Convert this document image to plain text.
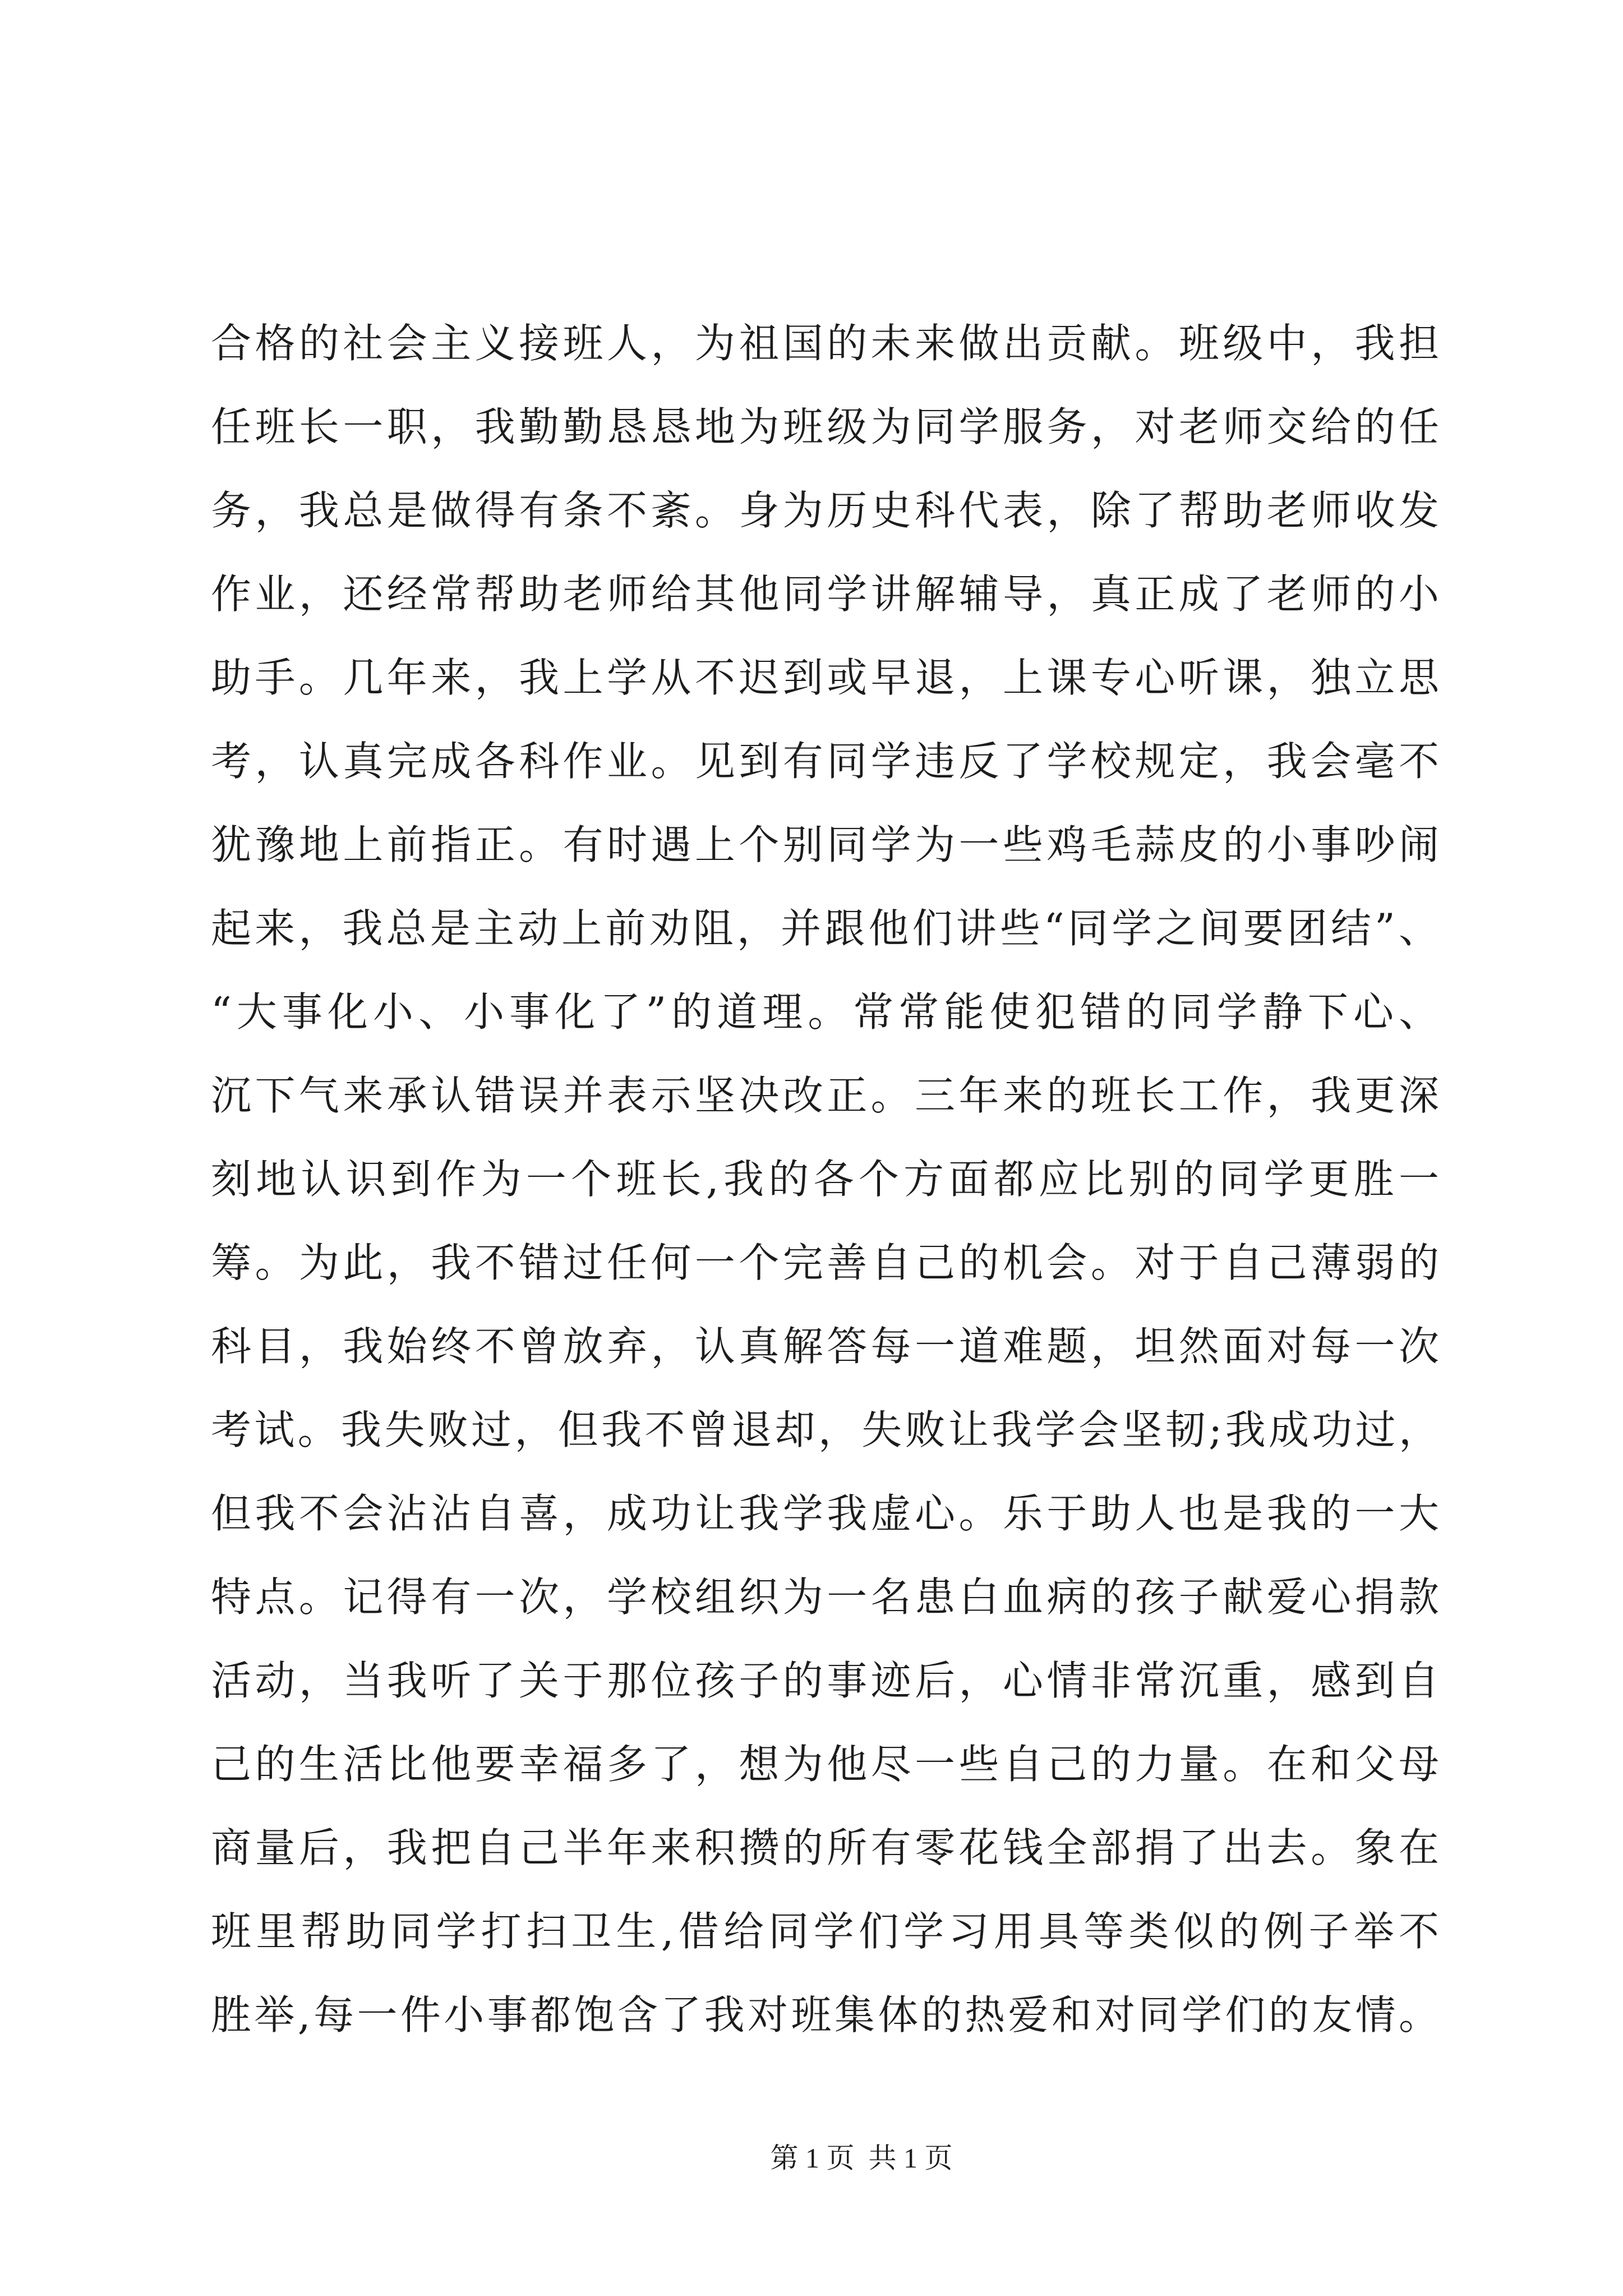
合格的社会主义接班人，为祖国的未来做出贡献。班级中，我担
任班长一职，我勤勤恳恳地为班级为同学服务，对老师交给的任
务，我总是做得有条不紊。身为历史科代表，除了帮助老师收发
作业，还经常帮助老师给其他同学讲解辅导，真正成了老师的小
助手。几年来，我上学从不迟到或早退，上课专心听课，独立思
考，认真完成各科作业。见到有同学违反了学校规定，我会毫不
犹豫地上前指正。有时遇上个别同学为一些鸡毛蒜皮的小事吵闹
起来，我总是主动上前劝阻，并跟他们讲些“同学之间要团结”、
“大事化小、小事化了”的道理。常常能使犯错的同学静下心、
沉下气来承认错误并表示坚决改正。三年来的班长工作，我更深
刻地认识到作为一个班长,我的各个方面都应比别的同学更胜一
筹。为此，我不错过任何一个完善自己的机会。对于自己薄弱的
科目，我始终不曾放弃，认真解答每一道难题，坦然面对每一次
考试。我失败过，但我不曾退却，失败让我学会坚韧;我成功过，
但我不会沾沾自喜，成功让我学我虚心。乐于助人也是我的一大
特点。记得有一次，学校组织为一名患白血病的孩子献爱心捐款
活动，当我听了关于那位孩子的事迹后，心情非常沉重，感到自
己的生活比他要幸福多了，想为他尽一些自己的力量。在和父母
商量后，我把自己半年来积攒的所有零花钱全部捐了出去。象在
班里帮助同学打扫卫生,借给同学们学习用具等类似的例子举不
胜举,每一件小事都饱含了我对班集体的热爱和对同学们的友情。
第 1 页  共 1 页
